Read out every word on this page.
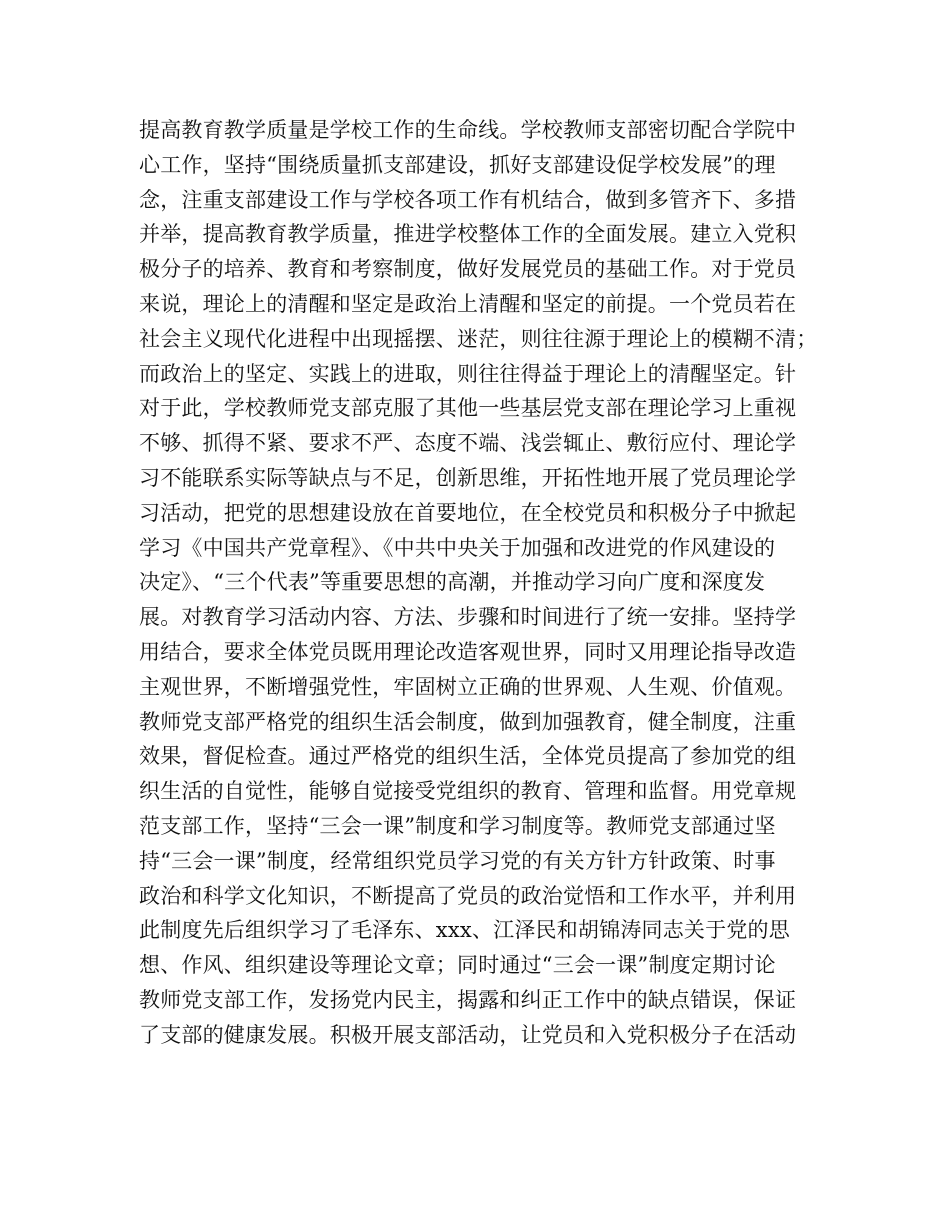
提高教育教学质量是学校工作的生命线。学校教师支部密切配合学院中
心工作，坚持“围绕质量抓支部建设，抓好支部建设促学校发展”的理
念，注重支部建设工作与学校各项工作有机结合，做到多管齐下、多措
并举，提高教育教学质量，推进学校整体工作的全面发展。建立入党积
极分子的培养、教育和考察制度，做好发展党员的基础工作。对于党员
来说，理论上的清醒和坚定是政治上清醒和坚定的前提。一个党员若在
社会主义现代化进程中出现摇摆、迷茫，则往往源于理论上的模糊不清；
而政治上的坚定、实践上的进取，则往往得益于理论上的清醒坚定。针
对于此，学校教师党支部克服了其他一些基层党支部在理论学习上重视
不够、抓得不紧、要求不严、态度不端、浅尝辄止、敷衍应付、理论学
习不能联系实际等缺点与不足，创新思维，开拓性地开展了党员理论学
习活动，把党的思想建设放在首要地位，在全校党员和积极分子中掀起
学习《中国共产党章程》、《中共中央关于加强和改进党的作风建设的
决定》、“三个代表”等重要思想的高潮，并推动学习向广度和深度发
展。对教育学习活动内容、方法、步骤和时间进行了统一安排。坚持学
用结合，要求全体党员既用理论改造客观世界，同时又用理论指导改造
主观世界，不断增强党性，牢固树立正确的世界观、人生观、价值观。
教师党支部严格党的组织生活会制度，做到加强教育，健全制度，注重
效果，督促检查。通过严格党的组织生活，全体党员提高了参加党的组
织生活的自觉性，能够自觉接受党组织的教育、管理和监督。用党章规
范支部工作，坚持“三会一课”制度和学习制度等。教师党支部通过坚
持“三会一课”制度，经常组织党员学习党的有关方针方针政策、时事
政治和科学文化知识，不断提高了党员的政治觉悟和工作水平，并利用
此制度先后组织学习了毛泽东、xxx、江泽民和胡锦涛同志关于党的思
想、作风、组织建设等理论文章；同时通过“三会一课”制度定期讨论
教师党支部工作，发扬党内民主，揭露和纠正工作中的缺点错误，保证
了支部的健康发展。积极开展支部活动，让党员和入党积极分子在活动
